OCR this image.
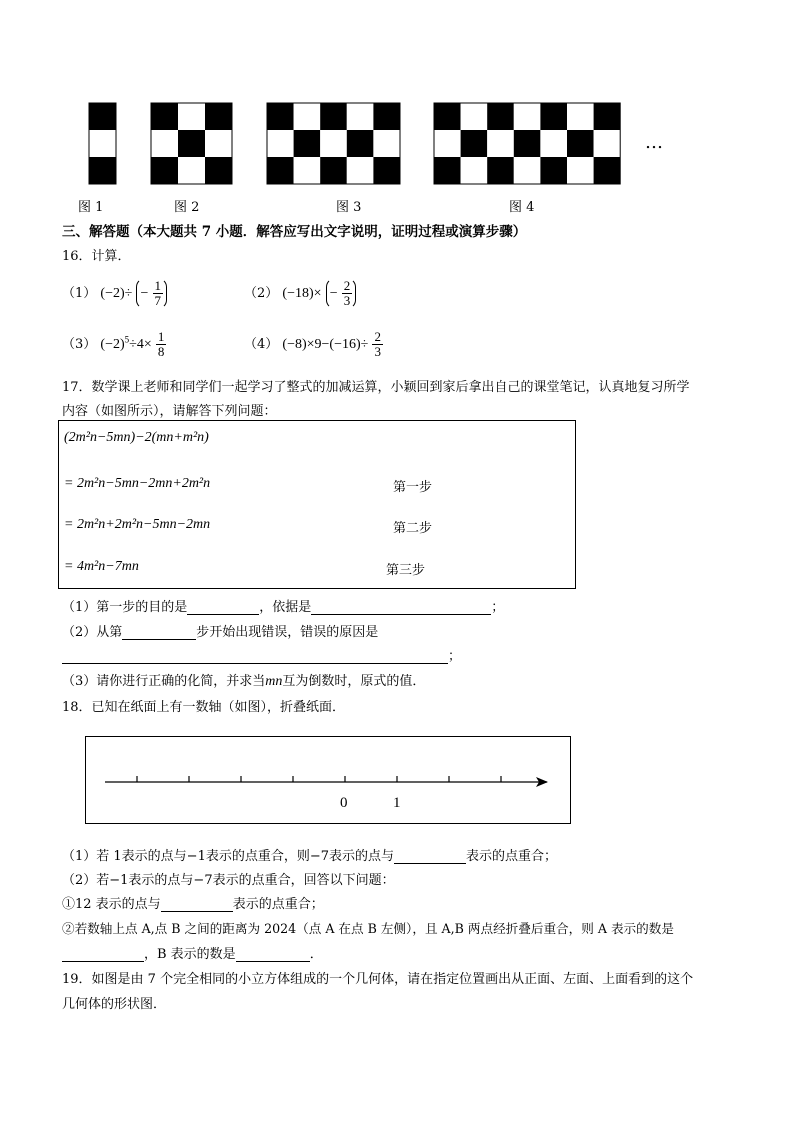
…
图 1	图 2	图 3	图 4
三、解答题（本大题共 7 小题．解答应写出文字说明，证明过程或演算步骤）
16．计算．
（1） $(-2)\div - \frac{1}{7}$	（2） $(-18)\times - \frac{2}{3}$
（3） $(-2)^5\div 4\times \frac{1}{8}$	（4） $(-8)\times 9-(-16)\div \frac{2}{3}$
17．数学课上老师和同学们一起学习了整式的加减运算，小颖回到家后拿出自己的课堂笔记，认真地复习所学
内容（如图所示），请解答下列问题：
(2m²n−5mn)−2(mn+m²n)
= 2m²n−5mn−2mn+2m²n	第一步
= 2m²n+2m²n−5mn−2mn	第二步
= 4m²n−7mn	第三步
（1）第一步的目的是	，依据是	；
（2）从第	步开始出现错误，错误的原因是
；
（3）请你进行正确的化简，并求当mn互为倒数时，原式的值．
18．已知在纸面上有一数轴（如图），折叠纸面．
0	1
（1）若 1表示的点与−1表示的点重合，则−7表示的点与	表示的点重合；
（2）若−1表示的点与−7表示的点重合，回答以下问题：
①12 表示的点与	表示的点重合；
②若数轴上点 A,点 B 之间的距离为 2024（点 A 在点 B 左侧），且 A,B 两点经折叠后重合，则 A 表示的数是
，B 表示的数是	．
19．如图是由 7 个完全相同的小立方体组成的一个几何体，请在指定位置画出从正面、左面、上面看到的这个
几何体的形状图．
